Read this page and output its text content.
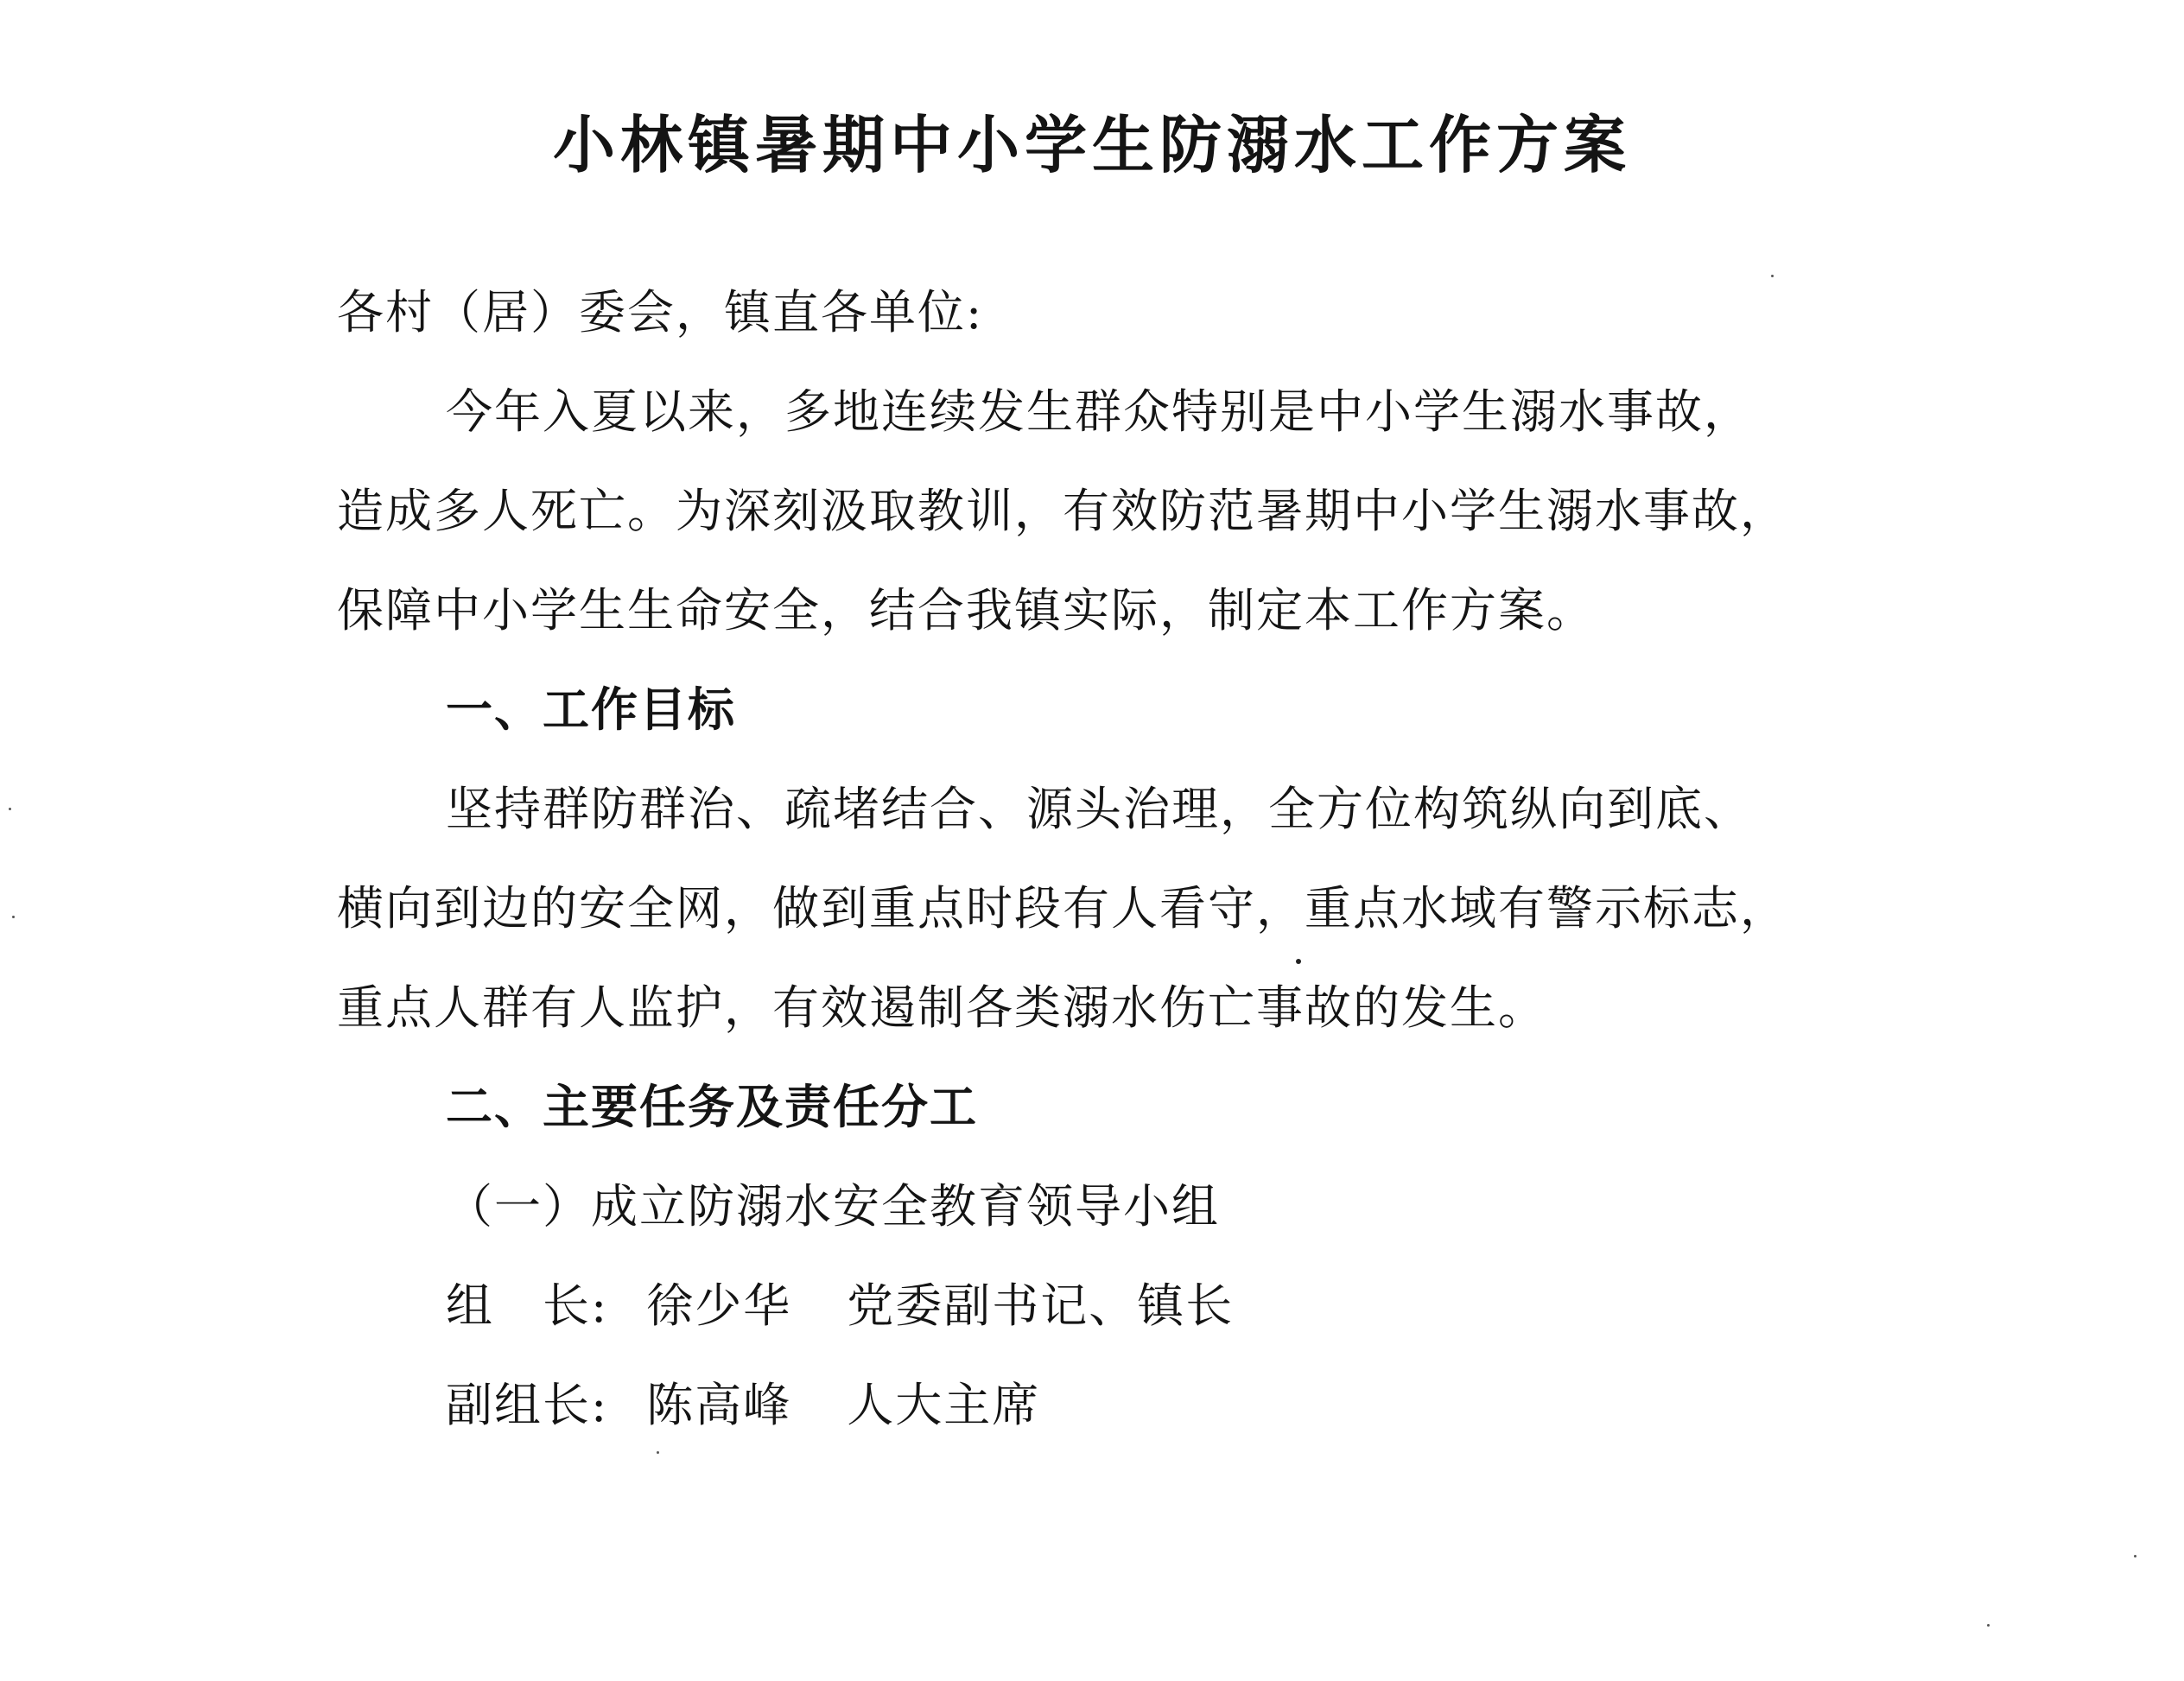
小林镇暑期中小学生防溺水工作方案

各村（居）委会，镇直各单位:

今年入夏以来，多地连续发生群众特别是中小学生溺水事故，

造成多人死亡。为深刻汲取教训，有效防范暑期中小学生溺水事故，

保障中小学生生命安全，结合我镇实际，制定本工作方案。

一、工作目标

坚持群防群治、疏堵结合、源头治理，全方位构筑纵向到底、

横向到边的安全网，做到重点时段有人看守，重点水域有警示标志，

重点人群有人监护，有效遏制各类溺水伤亡事故的发生。

二、主要任务及责任分工

（一）成立防溺水安全教育领导小组

组　长: 徐少华 党委副书记、镇长

副组长: 陈高峰 人大主席
